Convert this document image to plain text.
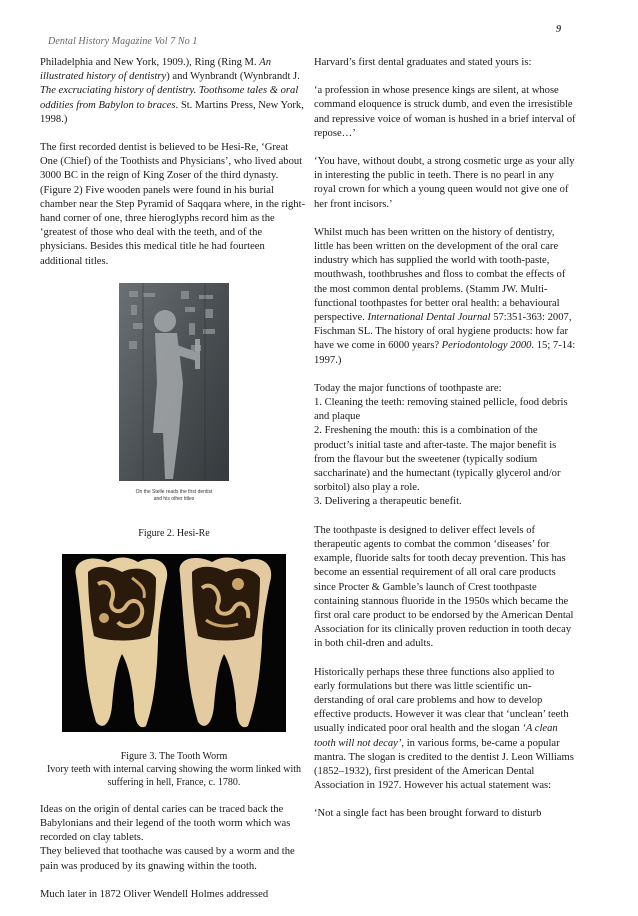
9
Dental History Magazine Vol 7 No 1

Philadelphia and New York, 1909.), Ring (Ring M. An illustrated history of dentistry) and Wynbrandt (Wynbrandt J. The excruciating history of dentistry. Toothsome tales & oral oddities from Babylon to braces. St. Martins Press, New York, 1998.)

The first recorded dentist is believed to be Hesi-Re, ‘Great One (Chief) of the Toothists and Physicians’, who lived about 3000 BC in the reign of King Zoser of the third dynasty. (Figure 2) Five wooden panels were found in his burial chamber near the Step Pyramid of Saqqara where, in the right-hand corner of one, three hieroglyphs record him as the ‘greatest of those who deal with the teeth, and of the physicians. Besides this medical title he had fourteen additional titles.

On the Stelle reads the first dentist
and his other titles
Figure 2. Hesi-Re
Figure 3. The Tooth Worm
Ivory teeth with internal carving showing the worm linked with suffering in hell, France, c. 1780.

Ideas on the origin of dental caries can be traced back the Babylonians and their legend of the tooth worm which was recorded on clay tablets.
They believed that toothache was caused by a worm and the pain was produced by its gnawing within the tooth.

Much later in 1872 Oliver Wendell Holmes addressed

Harvard’s first dental graduates and stated yours is:

‘a profession in whose presence kings are silent, at whose command eloquence is struck dumb, and even the irresistible and repressive voice of woman is hushed in a brief interval of repose…’

‘You have, without doubt, a strong cosmetic urge as your ally in interesting the public in teeth. There is no pearl in any royal crown for which a young queen would not give one of her front incisors.’

Whilst much has been written on the history of dentistry, little has been written on the development of the oral care industry which has supplied the world with tooth-paste, mouthwash, toothbrushes and floss to combat the effects of the most common dental problems. (Stamm JW. Multi-functional toothpastes for better oral health: a behavioural perspective. International Dental Journal 57:351-363: 2007, Fischman SL. The history of oral hygiene products: how far have we come in 6000 years? Periodontology 2000. 15; 7-14: 1997.)

Today the major functions of toothpaste are:
1. Cleaning the teeth: removing stained pellicle, food debris and plaque
2. Freshening the mouth: this is a combination of the product’s initial taste and after-taste. The major benefit is from the flavour but the sweetener (typically sodium saccharinate) and the humectant (typically glycerol and/or sorbitol) also play a role.
3. Delivering a therapeutic benefit.

The toothpaste is designed to deliver effect levels of therapeutic agents to combat the common ‘diseases’ for example, fluoride salts for tooth decay prevention. This has become an essential requirement of all oral care products since Procter & Gamble’s launch of Crest toothpaste containing stannous fluoride in the 1950s which became the first oral care product to be endorsed by the American Dental Association for its clinically proven reduction in tooth decay in both chil-dren and adults.

Historically perhaps these three functions also applied to early formulations but there was little scientific un-derstanding of oral care problems and how to develop effective products. However it was clear that ‘unclean’ teeth usually indicated poor oral health and the slogan ‘A clean tooth will not decay’, in various forms, be-came a popular mantra. The slogan is credited to the dentist J. Leon Williams (1852–1932), first president of the American Dental Association in 1927. However his actual statement was:

‘Not a single fact has been brought forward to disturb
